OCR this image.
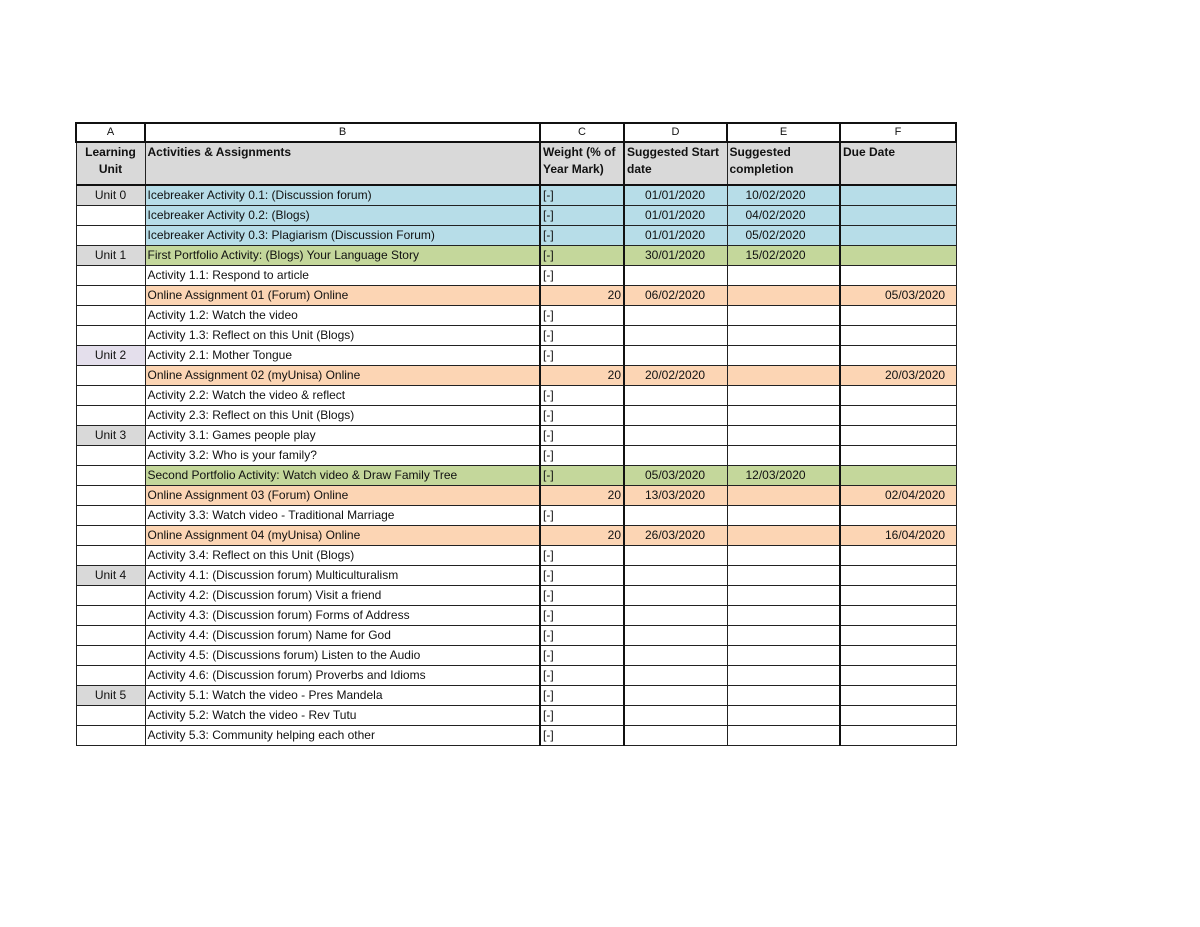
A	B	C	D	E	F
Learning Unit	Activities & Assignments	Weight (% of Year Mark)	Suggested Start date	Suggested completion	Due Date
Unit 0	Icebreaker Activity 0.1: (Discussion forum)	[-]	01/01/2020	10/02/2020	
	Icebreaker Activity 0.2: (Blogs)	[-]	01/01/2020	04/02/2020	
	Icebreaker Activity 0.3: Plagiarism (Discussion Forum)	[-]	01/01/2020	05/02/2020	
Unit 1	First Portfolio Activity: (Blogs) Your Language Story	[-]	30/01/2020	15/02/2020	
	Activity 1.1: Respond to article	[-]			
	Online Assignment 01 (Forum) Online	20	06/02/2020		05/03/2020
	Activity 1.2: Watch the video	[-]			
	Activity 1.3: Reflect on this Unit (Blogs)	[-]			
Unit 2	Activity 2.1: Mother Tongue	[-]			
	Online Assignment 02 (myUnisa) Online	20	20/02/2020		20/03/2020
	Activity 2.2: Watch the video & reflect	[-]			
	Activity 2.3: Reflect on this Unit (Blogs)	[-]			
Unit 3	Activity 3.1: Games people play	[-]			
	Activity 3.2: Who is your family?	[-]			
	Second Portfolio Activity: Watch video & Draw Family Tree	[-]	05/03/2020	12/03/2020	
	Online Assignment 03 (Forum) Online	20	13/03/2020		02/04/2020
	Activity 3.3: Watch video - Traditional Marriage	[-]			
	Online Assignment 04 (myUnisa) Online	20	26/03/2020		16/04/2020
	Activity 3.4: Reflect on this Unit (Blogs)	[-]			
Unit 4	Activity 4.1: (Discussion forum) Multiculturalism	[-]			
	Activity 4.2: (Discussion forum) Visit a friend	[-]			
	Activity 4.3: (Discussion forum) Forms of Address	[-]			
	Activity 4.4: (Discussion forum) Name for God	[-]			
	Activity 4.5: (Discussions forum) Listen to the Audio	[-]			
	Activity 4.6: (Discussion forum) Proverbs and Idioms	[-]			
Unit 5	Activity 5.1: Watch the video - Pres Mandela	[-]			
	Activity 5.2: Watch the video - Rev Tutu	[-]			
	Activity 5.3: Community helping each other	[-]			
